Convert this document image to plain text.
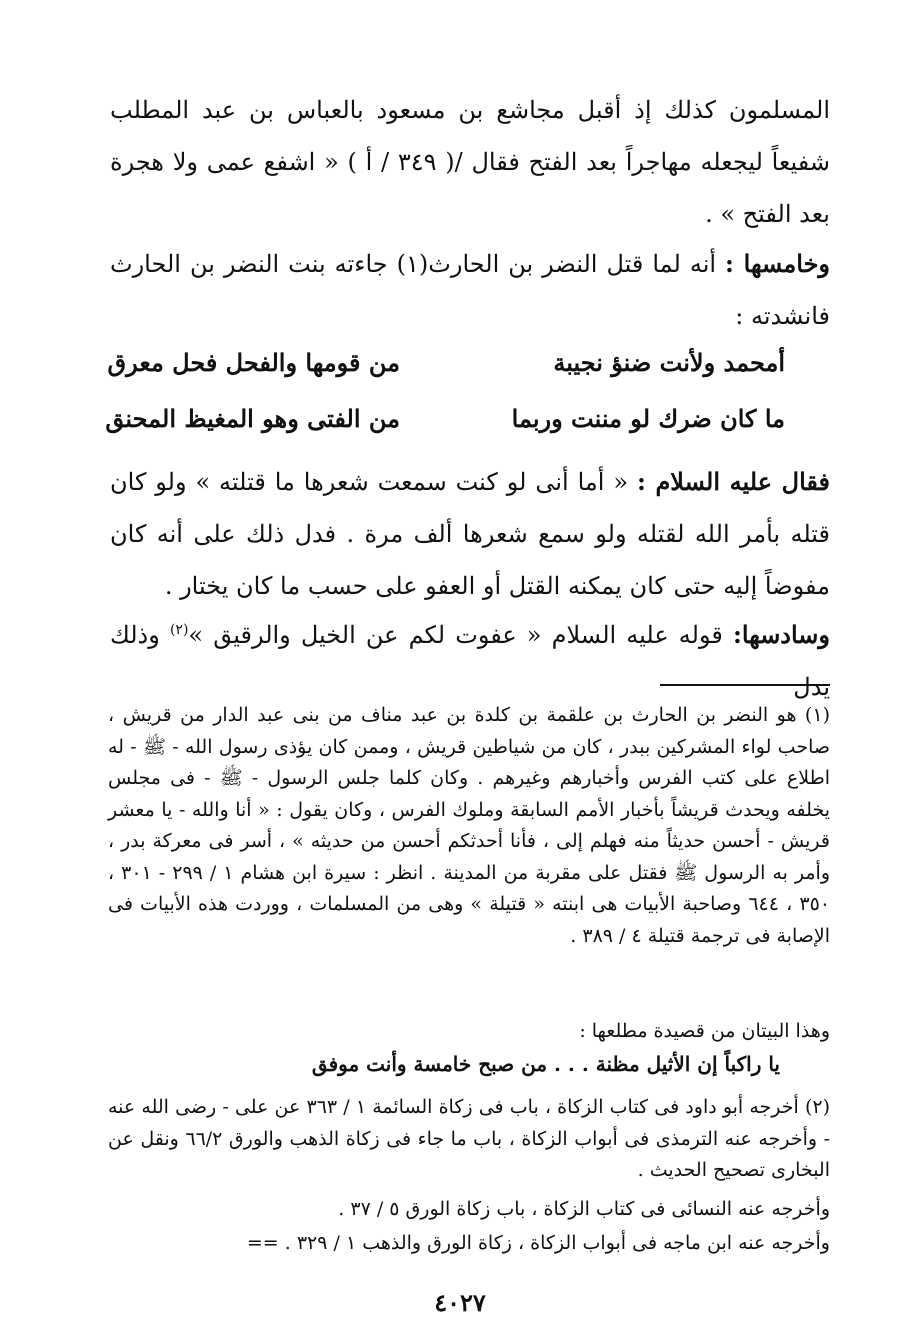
المسلمون كذلك إذ أقبل مجاشع بن مسعود بالعباس بن عبد المطلب شفيعاً ليجعله مهاجراً بعد الفتح فقال /( ٣٤٩ / أ ) « اشفع عمى ولا هجرة بعد الفتح » .
وخامسها : أنه لما قتل النضر بن الحارث(١) جاءته بنت النضر بن الحارث فانشدته :
أمحمد ولأنت ضنؤ نجيبة
من قومها والفحل فحل معرق
ما كان ضرك لو مننت وربما
من الفتى وهو المغيظ المحنق
فقال عليه السلام : « أما أنى لو كنت سمعت شعرها ما قتلته » ولو كان قتله بأمر الله لقتله ولو سمع شعرها ألف مرة . فدل ذلك على أنه كان مفوضاً إليه حتى كان يمكنه القتل أو العفو على حسب ما كان يختار .
وسادسها: قوله عليه السلام « عفوت لكم عن الخيل والرقيق »$^{(٢)}$ وذلك يدل
(١) هو النضر بن الحارث بن علقمة بن كلدة بن عبد مناف من بنى عبد الدار من قريش ، صاحب لواء المشركين ببدر ، كان من شياطين قريش ، وممن كان يؤذى رسول الله - ﷺ - له اطلاع على كتب الفرس وأخبارهم وغيرهم . وكان كلما جلس الرسول - ﷺ - فى مجلس يخلفه ويحدث قريشاً بأخبار الأمم السابقة وملوك الفرس ، وكان يقول : « أنا والله - يا معشر قريش - أحسن حديثاً منه فهلم إلى ، فأنا أحدثكم أحسن من حديثه » ، أسر فى معركة بدر ، وأمر به الرسول ﷺ فقتل على مقربة من المدينة . انظر : سيرة ابن هشام ١ / ٢٩٩ - ٣٠١ ، ٣٥٠ ، ٦٤٤ وصاحبة الأبيات هى ابنته « قتيلة » وهى من المسلمات ، ووردت هذه الأبيات فى الإصابة فى ترجمة قتيلة ٤ / ٣٨٩ .
وهذا البيتان من قصيدة مطلعها :
يا راكباً إن الأثيل مظنة . . . من صبح خامسة وأنت موفق
(٢) أخرجه أبو داود فى كتاب الزكاة ، باب فى زكاة السائمة ١ / ٣٦٣ عن على - رضى الله عنه - وأخرجه عنه الترمذى فى أبواب الزكاة ، باب ما جاء فى زكاة الذهب والورق ٦٦/٢ ونقل عن البخارى تصحيح الحديث .
وأخرجه عنه النسائى فى كتاب الزكاة ، باب زكاة الورق ٥ / ٣٧ .
وأخرجه عنه ابن ماجه فى أبواب الزكاة ، زكاة الورق والذهب ١ / ٣٢٩ . ==
٤٠٢٧
